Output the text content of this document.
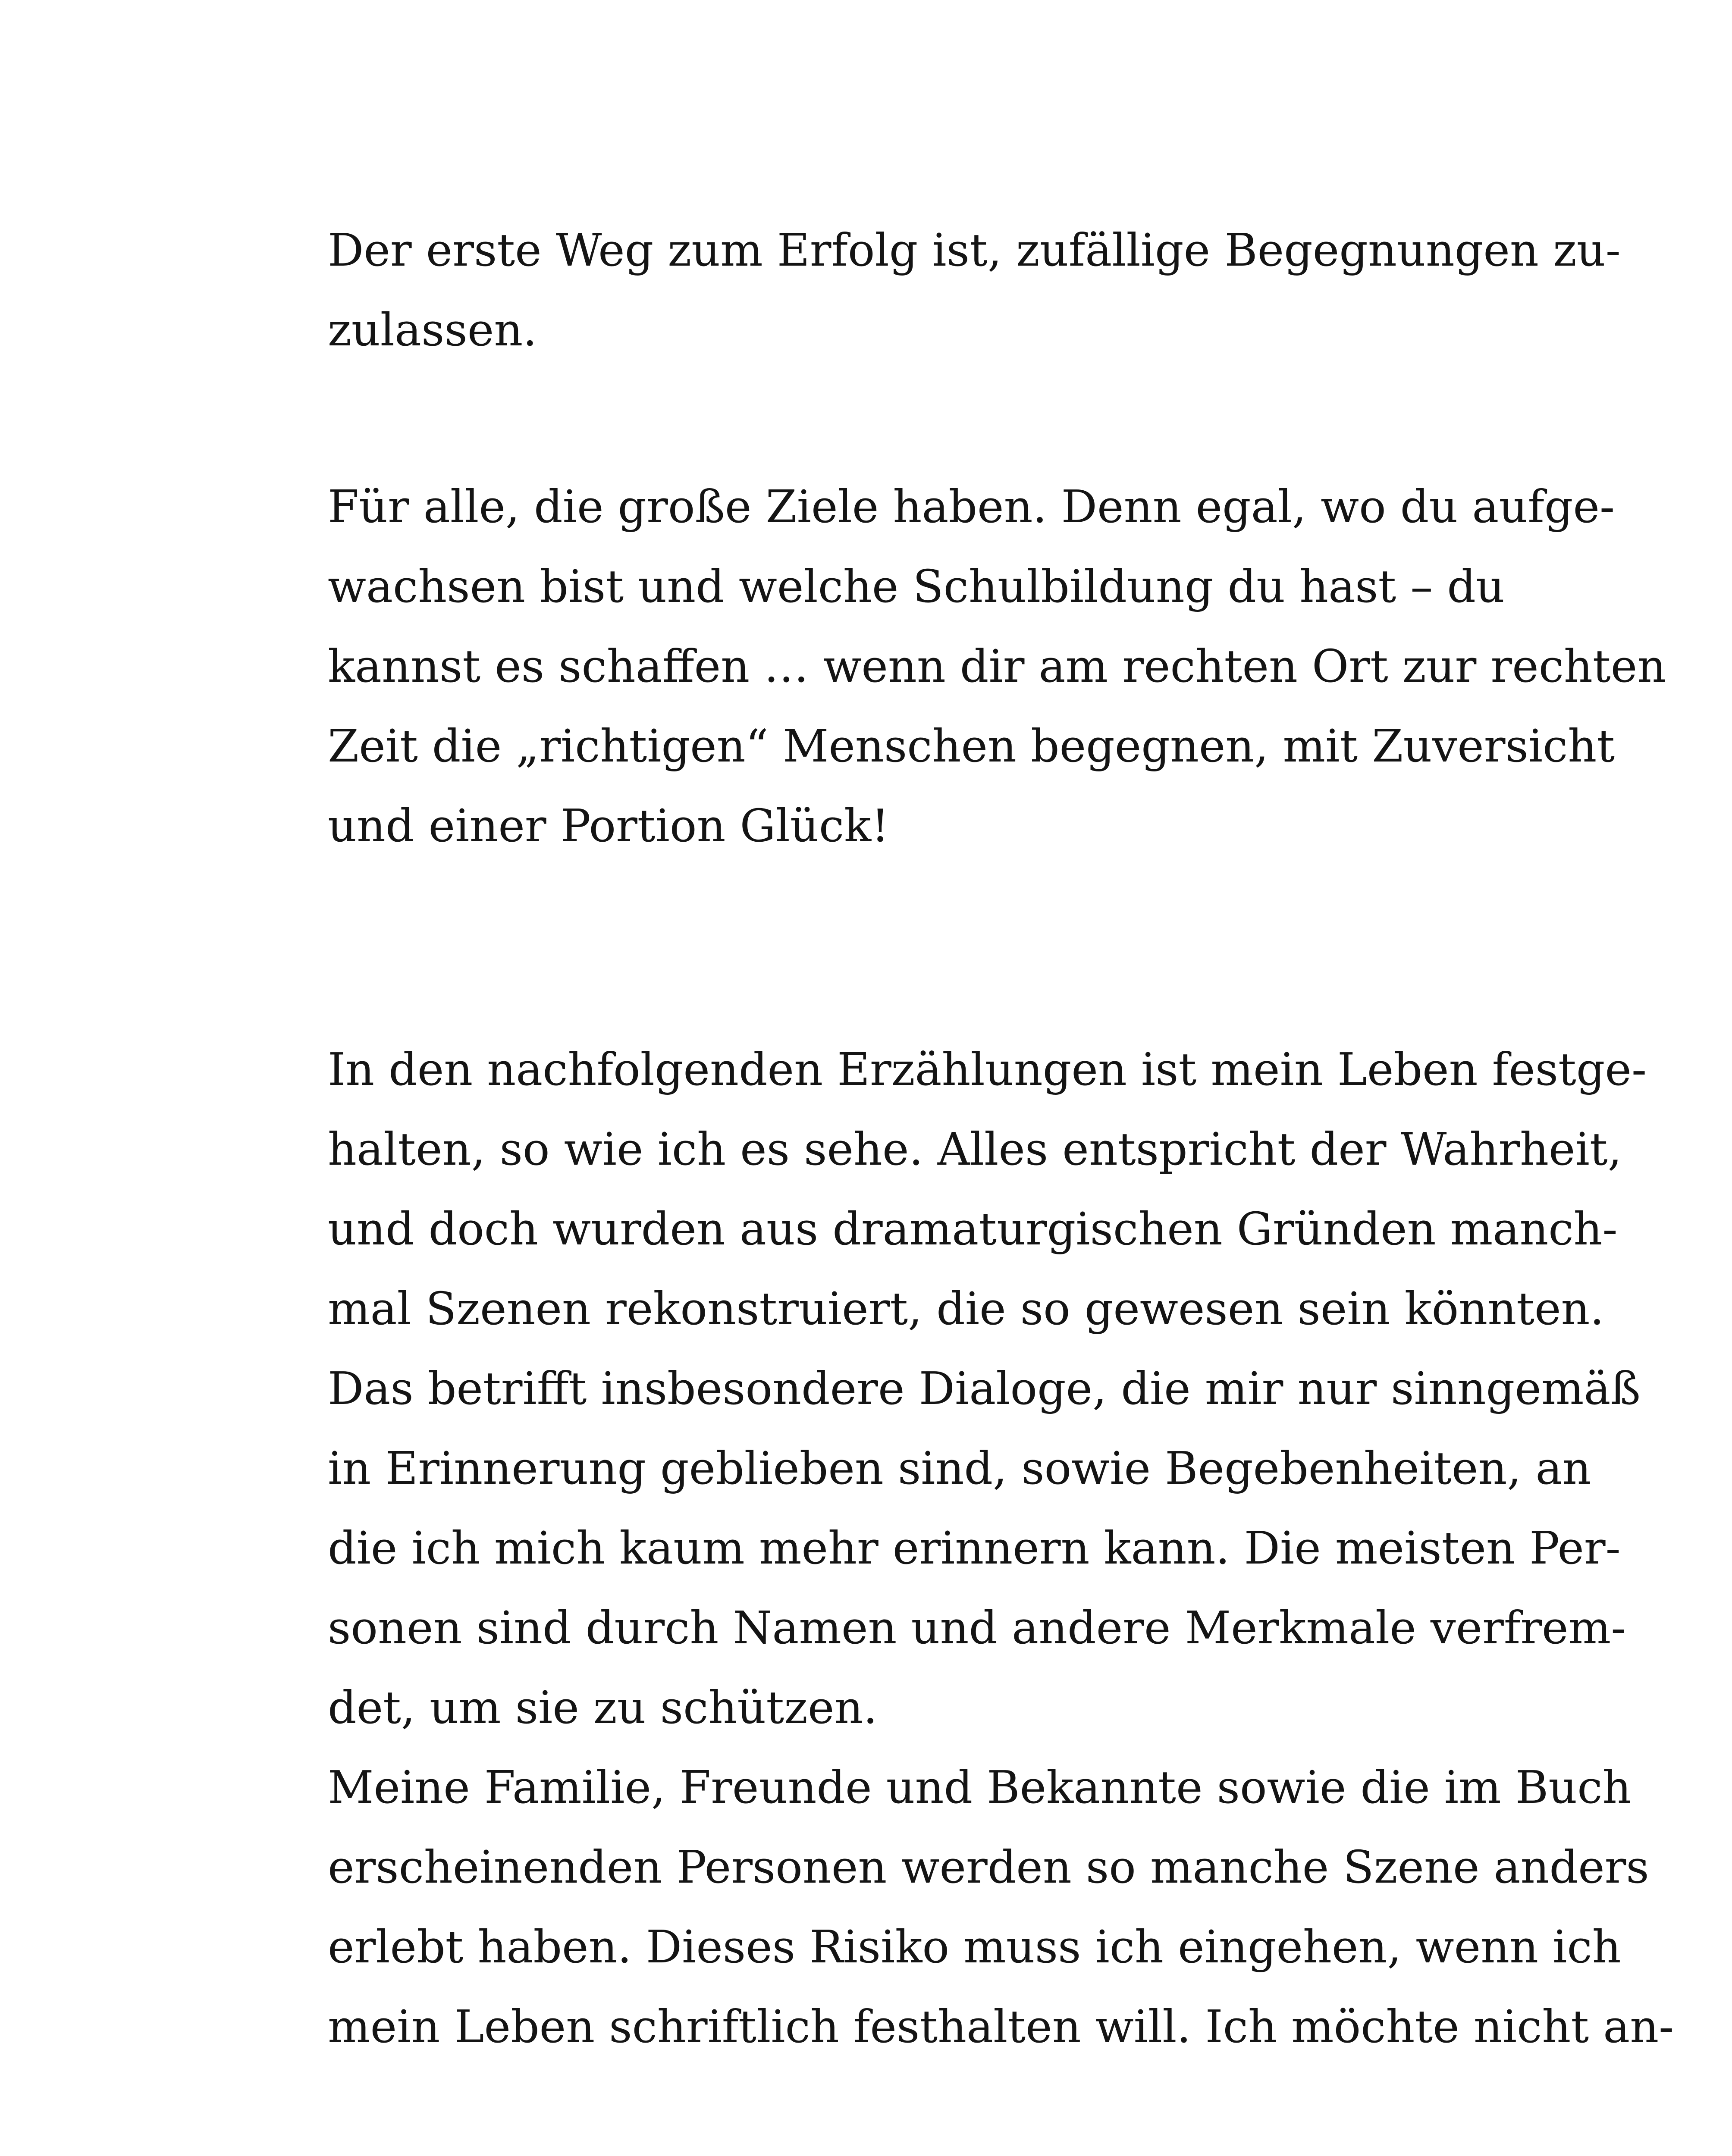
Der erste Weg zum Erfolg ist, zufällige Begegnungen zu-
zulassen.
Für alle, die große Ziele haben. Denn egal, wo du aufge-
wachsen bist und welche Schulbildung du hast – du
kannst es schaffen … wenn dir am rechten Ort zur rechten
Zeit die „richtigen“ Menschen begegnen, mit Zuversicht
und einer Portion Glück!
In den nachfolgenden Erzählungen ist mein Leben festge-
halten, so wie ich es sehe. Alles entspricht der Wahrheit,
und doch wurden aus dramaturgischen Gründen manch-
mal Szenen rekonstruiert, die so gewesen sein könnten.
Das betrifft insbesondere Dialoge, die mir nur sinngemäß
in Erinnerung geblieben sind, sowie Begebenheiten, an
die ich mich kaum mehr erinnern kann. Die meisten Per-
sonen sind durch Namen und andere Merkmale verfrem-
det, um sie zu schützen.
Meine Familie, Freunde und Bekannte sowie die im Buch
erscheinenden Personen werden so manche Szene anders
erlebt haben. Dieses Risiko muss ich eingehen, wenn ich
mein Leben schriftlich festhalten will. Ich möchte nicht an-
